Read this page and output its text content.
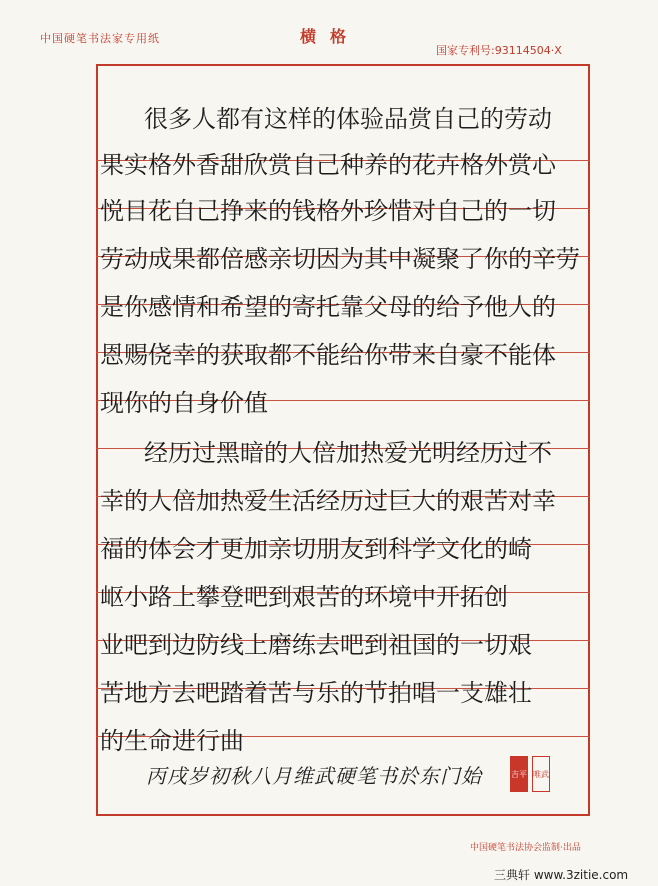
中国硬笔书法家专用纸	横格
国家专利号:93114504·X
很多人都有这样的体验品赏自己的劳动
果实格外香甜欣赏自己种养的花卉格外赏心
悦目花自己挣来的钱格外珍惜对自己的一切
劳动成果都倍感亲切因为其中凝聚了你的辛劳
是你感情和希望的寄托靠父母的给予他人的
恩赐侥幸的获取都不能给你带来自豪不能体
现你的自身价值
经历过黑暗的人倍加热爱光明经历过不
幸的人倍加热爱生活经历过巨大的艰苦对幸
福的体会才更加亲切朋友到科学文化的崎
岖小路上攀登吧到艰苦的环境中开拓创
业吧到边防线上磨练去吧到祖国的一切艰
苦地方去吧踏着苦与乐的节拍唱一支雄壮
的生命进行曲
丙戌岁初秋八月维武硬笔书於东门始	吉平 唯武
中国硬笔书法协会监制·出品
三典轩 www.3zitie.com
